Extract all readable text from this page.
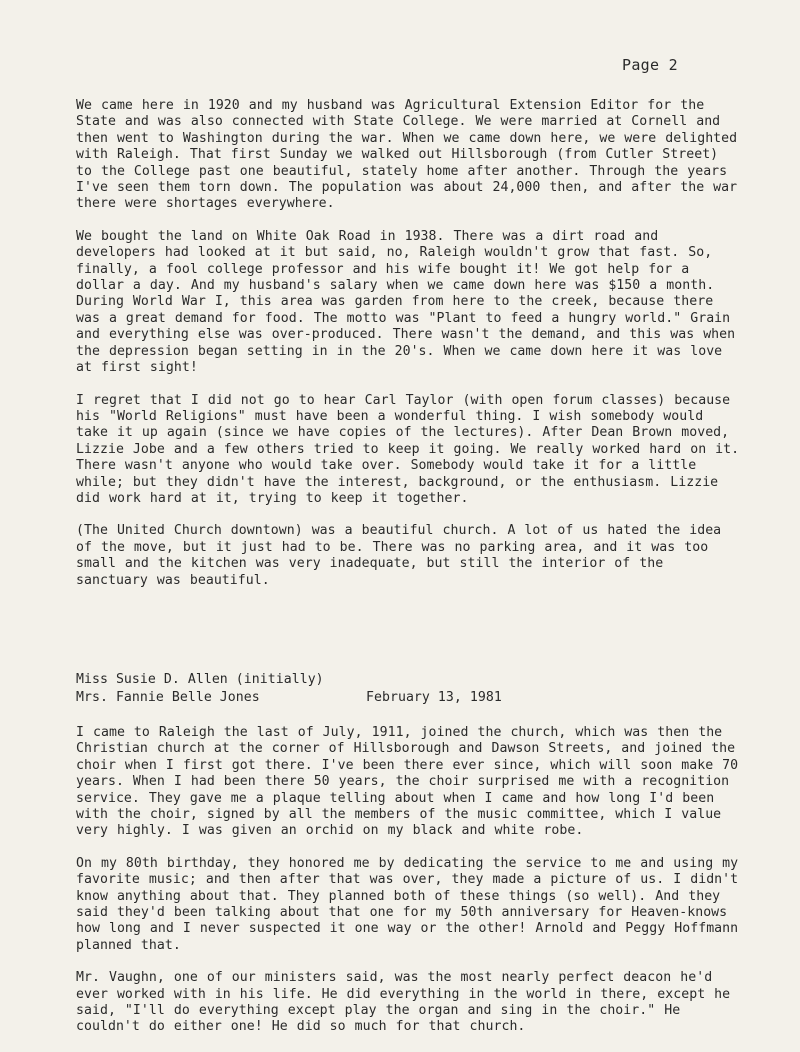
Page 2

We came here in 1920 and my husband was Agricultural Extension Editor for the State and was also connected with State College. We were married at Cornell and then went to Washington during the war. When we came down here, we were delighted with Raleigh. That first Sunday we walked out Hillsborough (from Cutler Street) to the College past one beautiful, stately home after another. Through the years I've seen them torn down. The population was about 24,000 then, and after the war there were shortages everywhere.

We bought the land on White Oak Road in 1938. There was a dirt road and developers had looked at it but said, no, Raleigh wouldn't grow that fast. So, finally, a fool college professor and his wife bought it! We got help for a dollar a day. And my husband's salary when we came down here was $150 a month. During World War I, this area was garden from here to the creek, because there was a great demand for food. The motto was "Plant to feed a hungry world." Grain and everything else was over-produced. There wasn't the demand, and this was when the depression began setting in in the 20's. When we came down here it was love at first sight!

I regret that I did not go to hear Carl Taylor (with open forum classes) because his "World Religions" must have been a wonderful thing. I wish somebody would take it up again (since we have copies of the lectures). After Dean Brown moved, Lizzie Jobe and a few others tried to keep it going. We really worked hard on it. There wasn't anyone who would take over. Somebody would take it for a little while; but they didn't have the interest, background, or the enthusiasm. Lizzie did work hard at it, trying to keep it together.

(The United Church downtown) was a beautiful church. A lot of us hated the idea of the move, but it just had to be. There was no parking area, and it was too small and the kitchen was very inadequate, but still the interior of the sanctuary was beautiful.

Miss Susie D. Allen (initially)
Mrs. Fannie Belle Jones	February 13, 1981

I came to Raleigh the last of July, 1911, joined the church, which was then the Christian church at the corner of Hillsborough and Dawson Streets, and joined the choir when I first got there. I've been there ever since, which will soon make 70 years. When I had been there 50 years, the choir surprised me with a recognition service. They gave me a plaque telling about when I came and how long I'd been with the choir, signed by all the members of the music committee, which I value very highly. I was given an orchid on my black and white robe.

On my 80th birthday, they honored me by dedicating the service to me and using my favorite music; and then after that was over, they made a picture of us. I didn't know anything about that. They planned both of these things (so well). And they said they'd been talking about that one for my 50th anniversary for Heaven-knows how long and I never suspected it one way or the other! Arnold and Peggy Hoffmann planned that.

Mr. Vaughn, one of our ministers said, was the most nearly perfect deacon he'd ever worked with in his life. He did everything in the world in there, except he said, "I'll do everything except play the organ and sing in the choir." He couldn't do either one! He did so much for that church.
